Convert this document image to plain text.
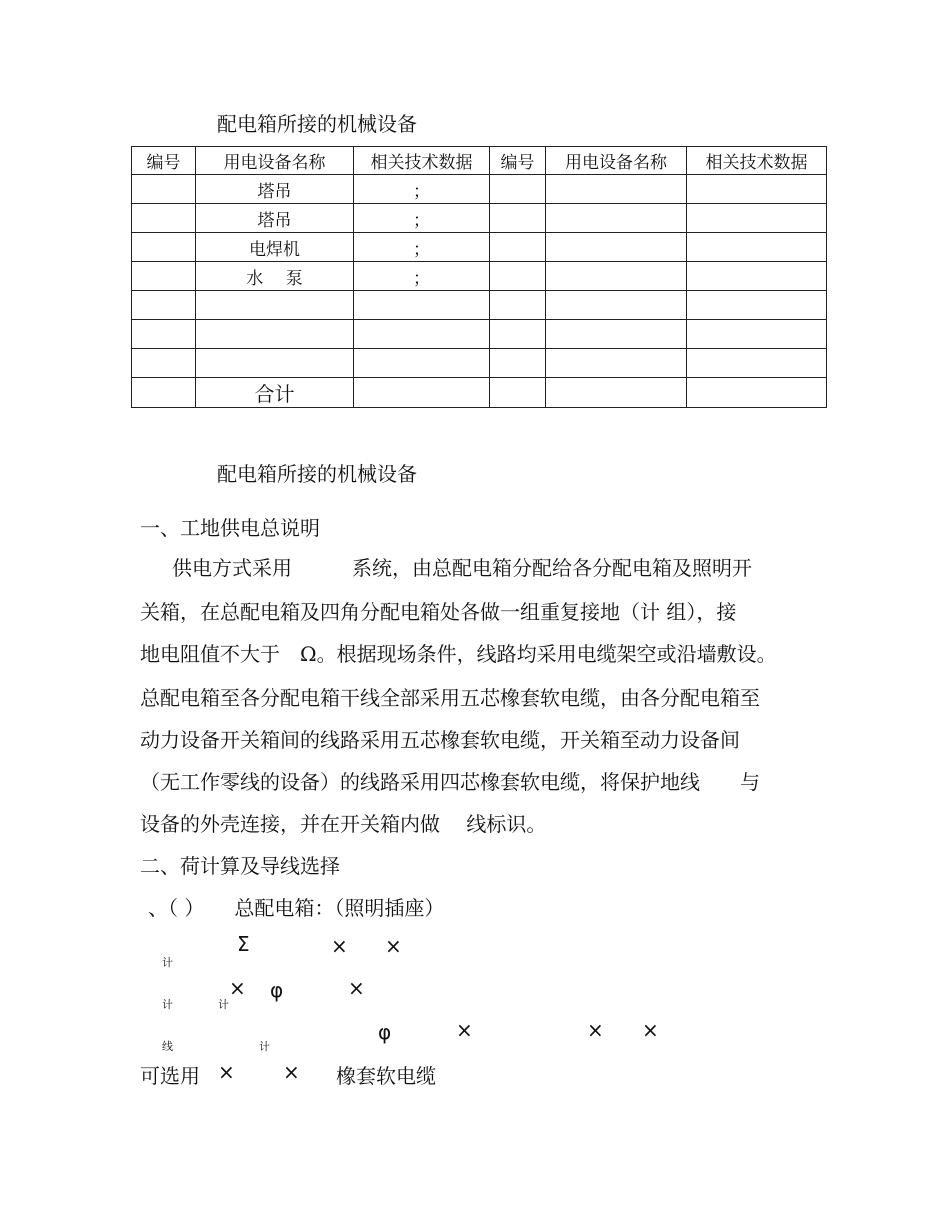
配电箱所接的机械设备
编号	用电设备名称	相关技术数据	编号	用电设备名称	相关技术数据
	塔吊	；			
	塔吊	；			
	电焊机	；			
	水　 泵	；			

	合计				
配电箱所接的机械设备
一、工地供电总说明
供电方式采用　　　系统，由总配电箱分配给各分配电箱及照明开
关箱，在总配电箱及四角分配电箱处各做一组重复接地（计 组），接
地电阻值不大于　Ω。根据现场条件，线路均采用电缆架空或沿墙敷设。
总配电箱至各分配电箱干线全部采用五芯橡套软电缆，由各分配电箱至
动力设备开关箱间的线路采用五芯橡套软电缆，开关箱至动力设备间
（无工作零线的设备）的线路采用四芯橡套软电缆，将保护地线　　与
设备的外壳连接，并在开关箱内做　 线标识。
二、荷计算及导线选择
、（ ）　　总配电箱：（照明插座）
计
Σ	× ×
计	计
× φ	×
线	计
φ	×	× ×
可选用 × × 橡套软电缆
